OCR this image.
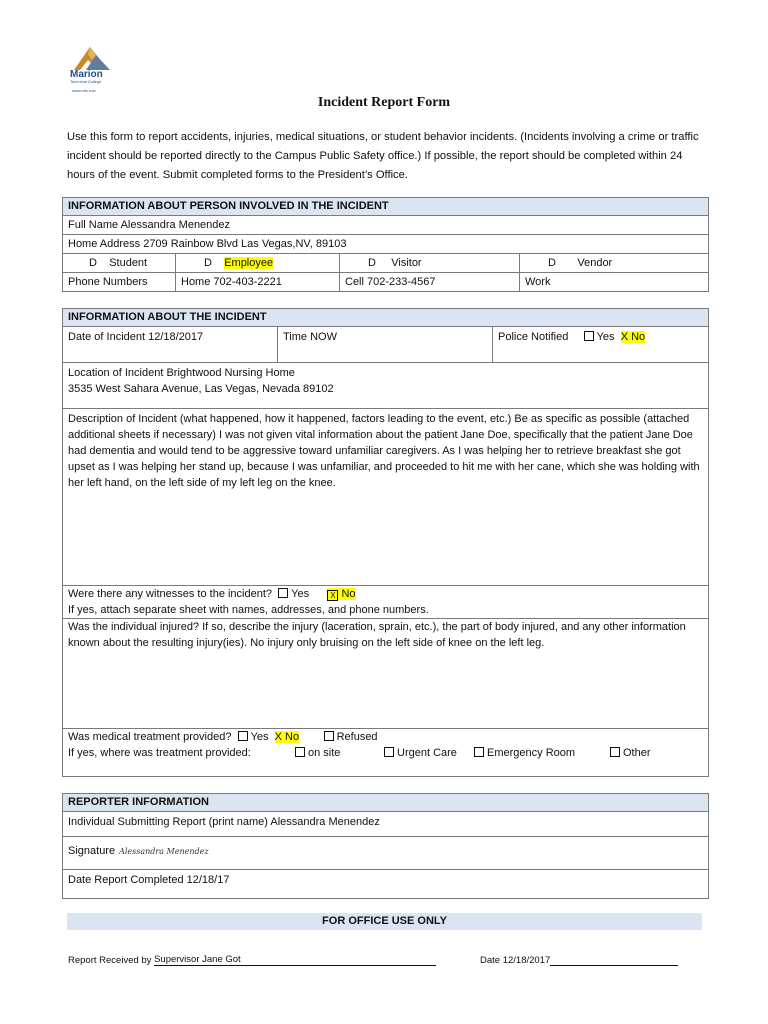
Marion
Technical College
www.mtc.edu
Incident Report Form
Use this form to report accidents, injuries, medical situations, or student behavior incidents. (Incidents involving a crime or traffic incident should be reported directly to the Campus Public Safety office.) If possible, the report should be completed within 24 hours of the event. Submit completed forms to the President’s Office.
INFORMATION ABOUT PERSON INVOLVED IN THE INCIDENT			
Full Name Alessandra Menendez			
Home Address 2709 Rainbow Blvd Las Vegas,NV, 89103			
D Student	D Employee	D Visitor	D Vendor
Phone Numbers	Home 702-403-2221	Cell 702-233-4567	Work
INFORMATION ABOUT THE INCIDENT
Date of Incident 12/18/2017	Time NOW	Police Notified	Yes X No

Location of Incident Brightwood Nursing Home
3535 West Sahara Avenue, Las Vegas, Nevada 89102

Description of Incident (what happened, how it happened, factors leading to the event, etc.) Be as specific as possible (attached additional sheets if necessary) I was not given vital information about the patient Jane Doe, specifically that the patient Jane Doe had dementia and would tend to be aggressive toward unfamiliar caregivers. As I was helping her to retrieve breakfast she got upset as I was helping her stand up, because I was unfamiliar, and proceeded to hit me with her cane, which she was holding with her left hand, on the left side of my left leg on the knee.

Were there any witnesses to the incident? Yes	X No
If yes, attach separate sheet with names, addresses, and phone numbers.

Was the individual injured? If so, describe the injury (laceration, sprain, etc.), the part of body injured, and any other information known about the resulting injury(ies). No injury only bruising on the left side of knee on the left leg.

Was medical treatment provided? Yes X No	Refused
If yes, where was treatment provided:	on site	Urgent Care	Emergency Room	Other
REPORTER INFORMATION
Individual Submitting Report (print name) Alessandra Menendez
Signature Alessandra Menendez
Date Report Completed 12/18/17
FOR OFFICE USE ONLY
Report Received by Supervisor Jane Got	Date 12/18/2017
